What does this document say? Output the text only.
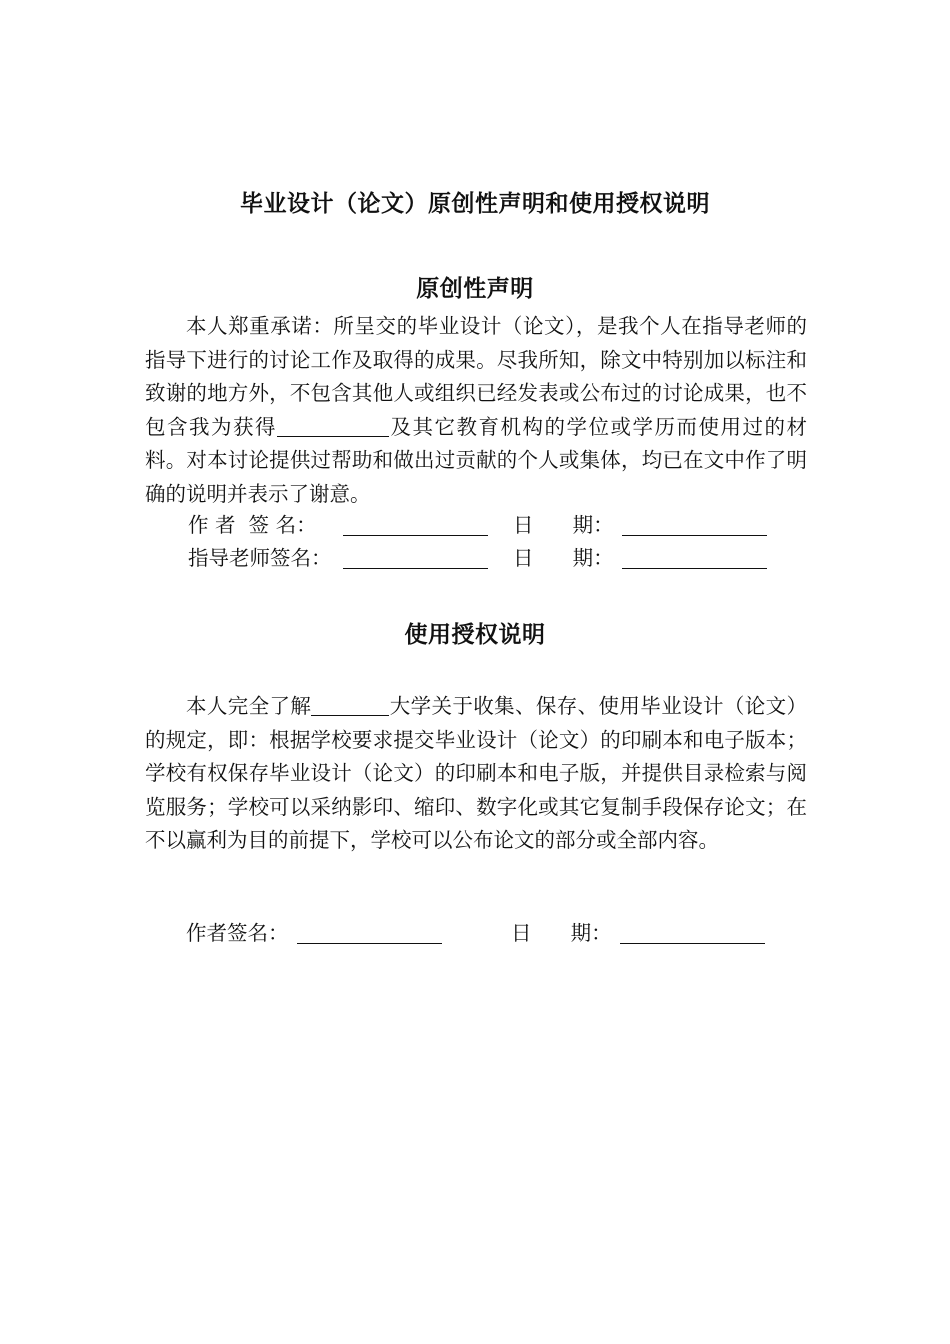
毕业设计（论文）原创性声明和使用授权说明
原创性声明

本人郑重承诺：所呈交的毕业设计（论文），是我个人在指导老师的指导下进行的讨论工作及取得的成果。尽我所知，除文中特别加以标注和致谢的地方外，不包含其他人或组织已经发表或公布过的讨论成果，也不包含我为获得	及其它教育机构的学位或学历而使用过的材料。对本讨论提供过帮助和做出过贡献的个人或集体，均已在文中作了明确的说明并表示了谢意。

作 者  签 名：	日      期：
指导老师签名：	日      期：
使用授权说明

本人完全了解	大学关于收集、保存、使用毕业设计（论文）的规定，即：根据学校要求提交毕业设计（论文）的印刷本和电子版本；学校有权保存毕业设计（论文）的印刷本和电子版，并提供目录检索与阅览服务；学校可以采纳影印、缩印、数字化或其它复制手段保存论文；在不以赢利为目的前提下，学校可以公布论文的部分或全部内容。

作者签名：	日      期：
